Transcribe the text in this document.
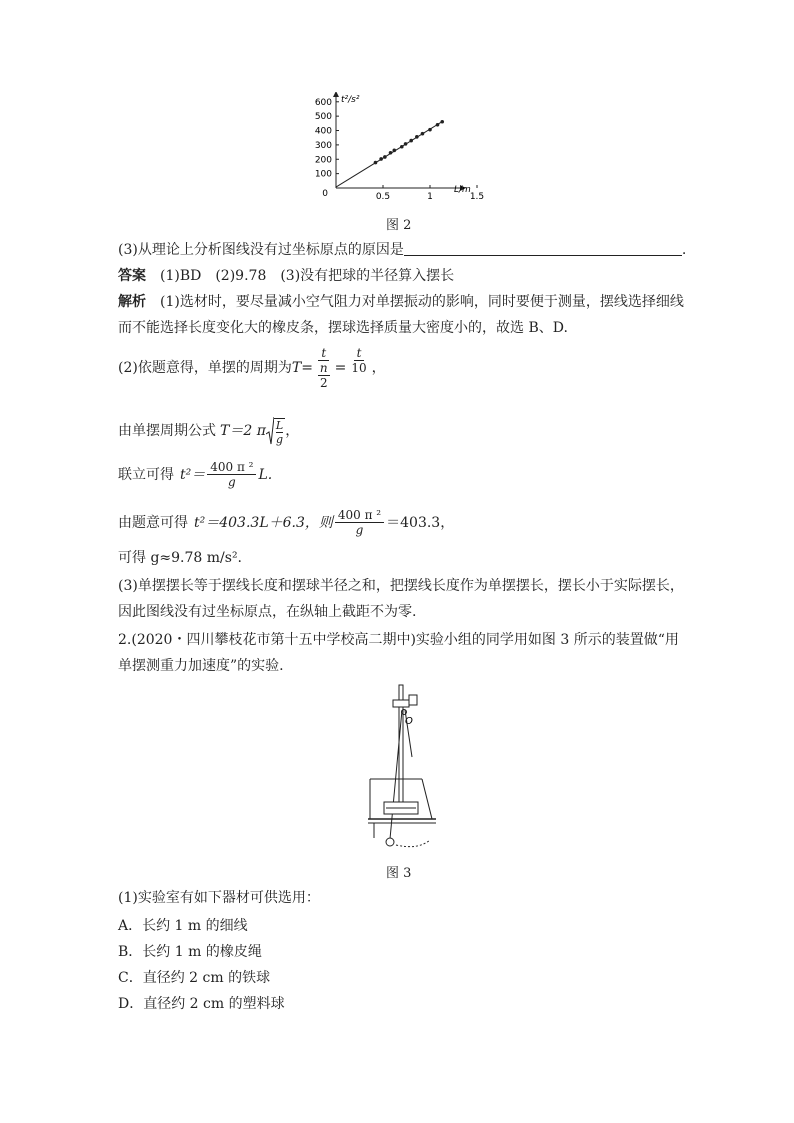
100
200
300
400
500
600
0.5	1	1.5
t²/s²
L/m
0
图 2
(3)从理论上分析图线没有过坐标原点的原因是	.
答案　 (1)BD　(2)9.78　(3)没有把球的半径算入摆长
解析　 (1)选材时，要尽量减小空气阻力对单摆振动的影响，同时要便于测量，摆线选择细线
而不能选择长度变化大的橡皮条，摆球选择质量大密度小的，故选 B、D.
(2)依题意得，单摆的周期为 T = t
n
$2 = \frac{t}{10}$ ，
由单摆周期公式 T＝2 π $\frac{L}{g}$ ，
联立可得 $t^2= \frac{\text{400 π ²}}{g} L$.
由题意可得 t²＝403.3L＋6.3，则 $\frac{\text{400 π ²}}{g} =403.3$，
可得 g≈9.78 m/s².
(3)单摆摆长等于摆线长度和摆球半径之和，把摆线长度作为单摆摆长，摆长小于实际摆长，
因此图线没有过坐标原点，在纵轴上截距不为零.
2.(2020・四川攀枝花市第十五中学校高二期中)实验小组的同学用如图 3 所示的装置做“用
单摆测重力加速度”的实验.
O
图 3
(1)实验室有如下器材可供选用：
A．长约 1 m 的细线
B．长约 1 m 的橡皮绳
C．直径约 2 cm 的铁球
D．直径约 2 cm 的塑料球
